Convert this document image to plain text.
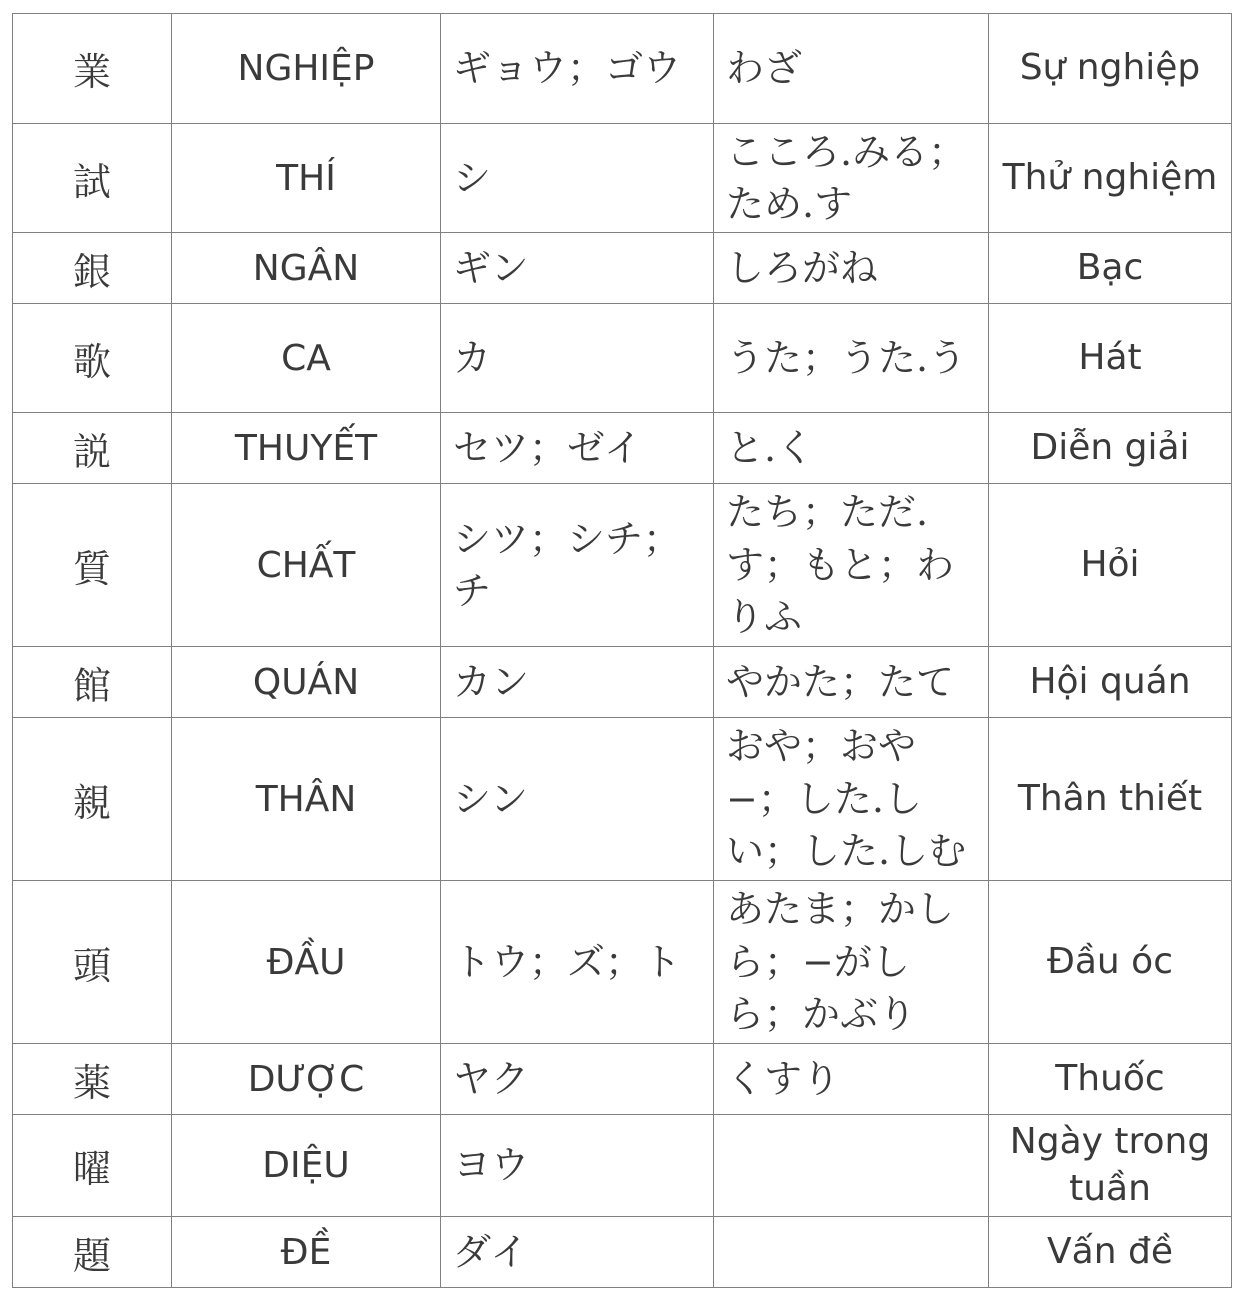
業	NGHIỆP	ギョウ；ゴウ	わざ	Sự nghiệp
試	THÍ	シ	こころ.みる；ため.す	Thử nghiệm
銀	NGÂN	ギン	しろがね	Bạc
歌	CA	カ	うた；うた.う	Hát
説	THUYẾT	セツ；ゼイ	と.く	Diễn giải
質	CHẤT	シツ；シチ；チ	たち；ただ.す；もと；わりふ	Hỏi
館	QUÁN	カン	やかた；たて	Hội quán
親	THÂN	シン	おや；おや−；した.しい；した.しむ	Thân thiết
頭	ĐẦU	トウ；ズ；ト	あたま；かしら；−がしら；かぶり	Đầu óc
薬	DƯỢC	ヤク	くすり	Thuốc
曜	DIỆU	ヨウ		Ngày trong tuần
題	ĐỀ	ダイ		Vấn đề
